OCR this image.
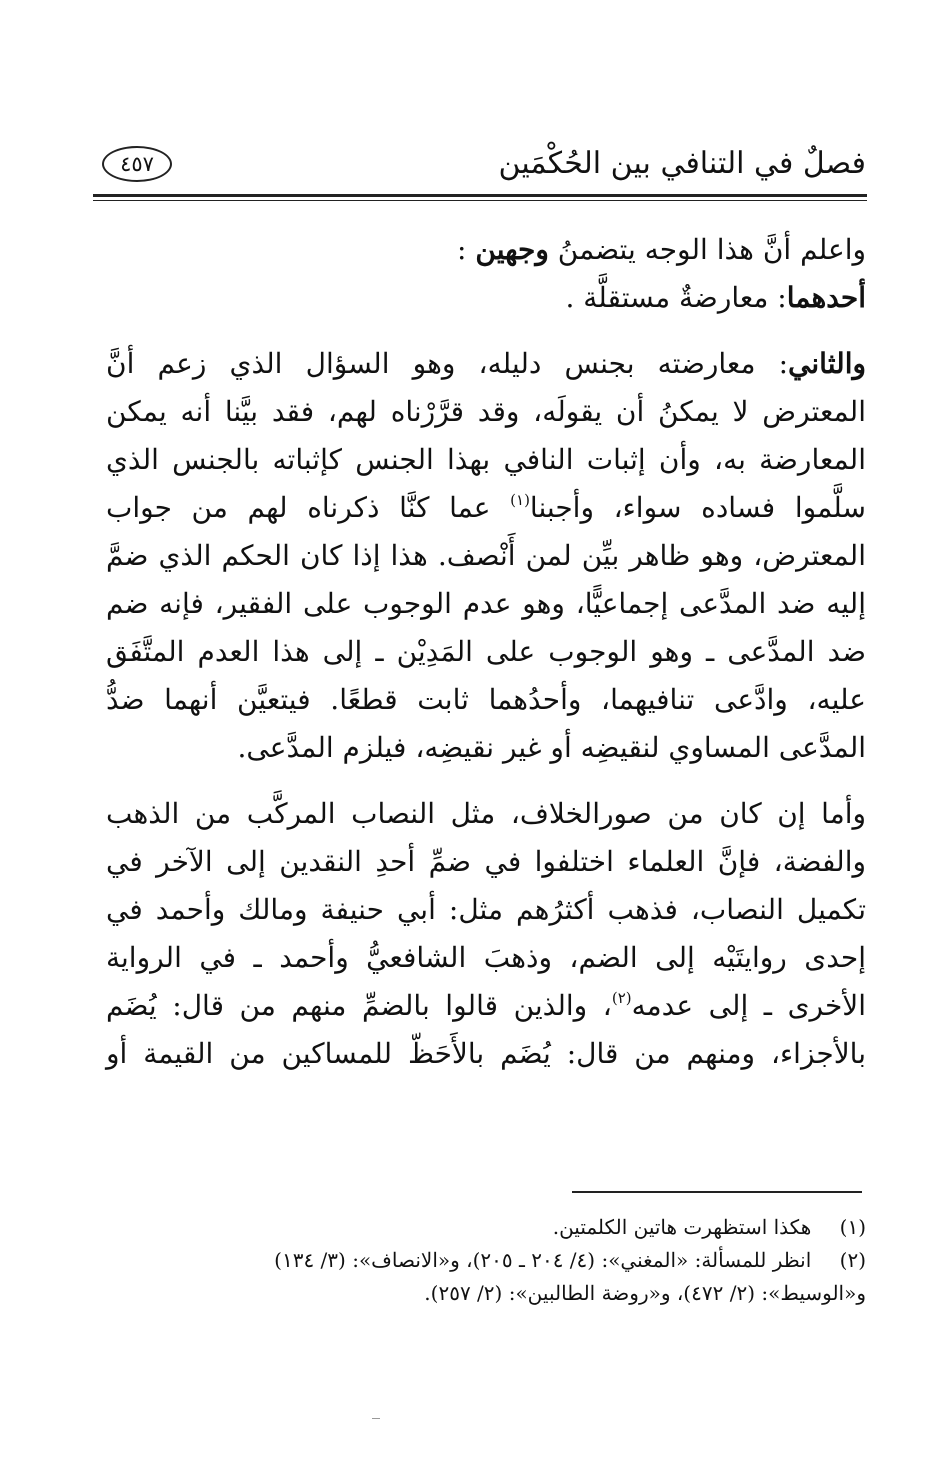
فصلٌ في التنافي بين الحُكْمَين
٤٥٧
واعلم أنَّ هذا الوجه يتضمنُ وجهين :
أحدهما: معارضةٌ مستقلَّة .
والثاني: معارضته بجنس دليله، وهو السؤال الذي زعم أنَّ
المعترض لا يمكنُ أن يقولَه، وقد قرَّرْناه لهم، فقد بيَّنا أنه يمكن
المعارضة به، وأن إثبات النافي بهذا الجنس كإثباته بالجنس الذي
سلَّموا فساده سواء، وأجبنا$^{(١)}$ عما كنَّا ذكرناه لهم من جواب
المعترض، وهو ظاهر بيِّن لمن أَنْصف. هذا إذا كان الحكم الذي ضمَّ
إليه ضد المدَّعى إجماعيًّا، وهو عدم الوجوب على الفقير، فإنه ضم
ضد المدَّعى ـ وهو الوجوب على المَدِيْن ـ إلى هذا العدم المتَّفَق
عليه، وادَّعى تنافيهما، وأحدُهما ثابت قطعًا. فيتعيَّن أنهما ضدُّ
المدَّعى المساوي لنقيضِه أو غير نقيضِه، فيلزم المدَّعى.
وأما إن كان من صورالخلاف، مثل النصاب المركَّب من الذهب
والفضة، فإنَّ العلماء اختلفوا في ضمِّ أحدِ النقدين إلى الآخر في
تكميل النصاب، فذهب أكثرُهم مثل: أبي حنيفة ومالك وأحمد في
إحدى روايتَيْه إلى الضم، وذهبَ الشافعيُّ وأحمد ـ في الرواية
الأخرى ـ إلى عدمه$^{(٢)}$، والذين قالوا بالضمِّ منهم من قال: يُضَم
بالأجزاء، ومنهم من قال: يُضَم بالأَحَظّ للمساكين من القيمة أو
(١)  هكذا استظهرت هاتين الكلمتين.
(٢)  انظر للمسألة: «المغني»: (٤/ ٢٠٤ ـ ٢٠٥)، و«الانصاف»: (٣/ ١٣٤)
و«الوسيط»: (٢/ ٤٧٢)، و«روضة الطالبين»: (٢/ ٢٥٧).
